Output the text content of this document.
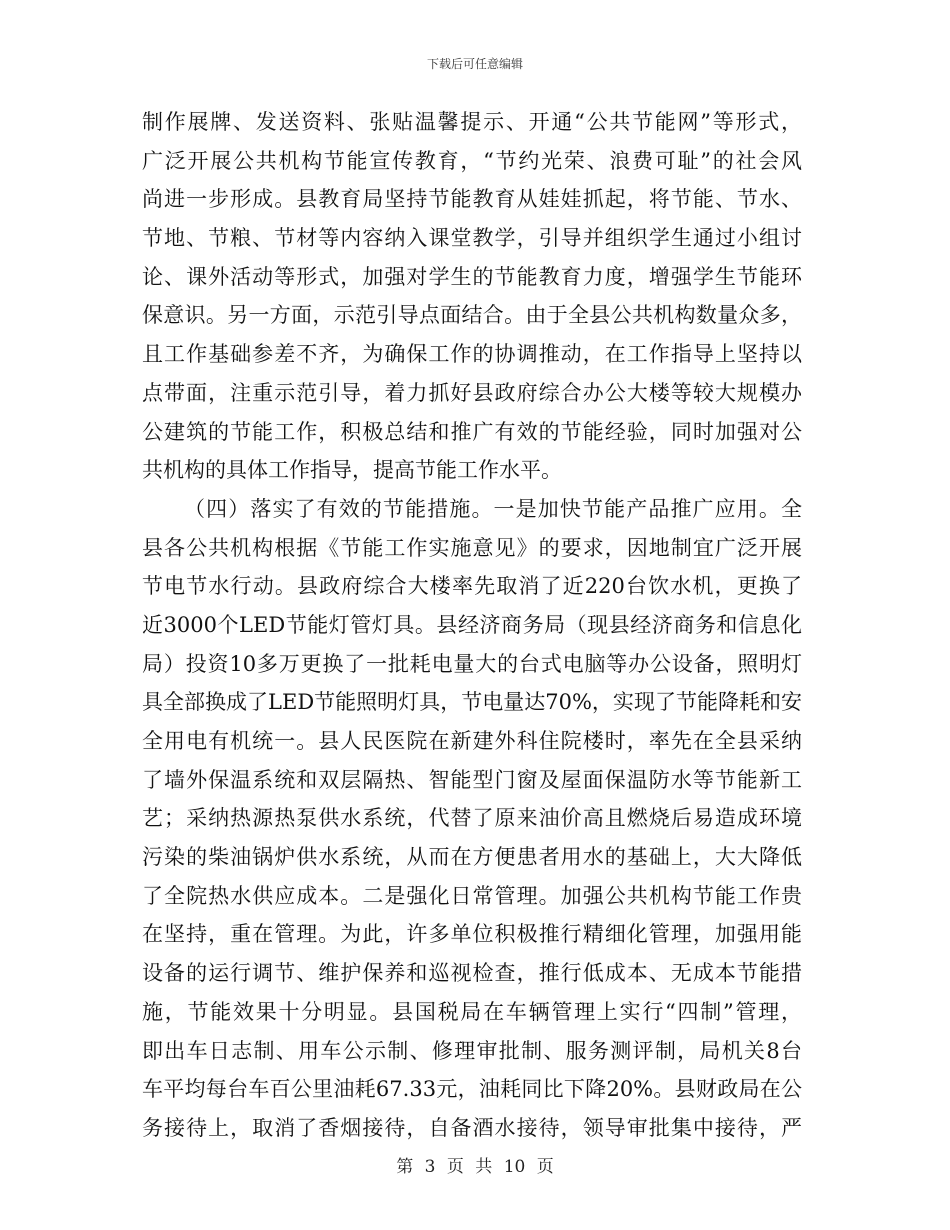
下载后可任意编辑
制作展牌、发送资料、张贴温馨提示、开通“公共节能网”等形式，
广泛开展公共机构节能宣传教育，“节约光荣、浪费可耻”的社会风
尚进一步形成。县教育局坚持节能教育从娃娃抓起，将节能、节水、
节地、节粮、节材等内容纳入课堂教学，引导并组织学生通过小组讨
论、课外活动等形式，加强对学生的节能教育力度，增强学生节能环
保意识。另一方面，示范引导点面结合。由于全县公共机构数量众多，
且工作基础参差不齐，为确保工作的协调推动，在工作指导上坚持以
点带面，注重示范引导，着力抓好县政府综合办公大楼等较大规模办
公建筑的节能工作，积极总结和推广有效的节能经验，同时加强对公
共机构的具体工作指导，提高节能工作水平。
（四）落实了有效的节能措施。一是加快节能产品推广应用。全
县各公共机构根据《节能工作实施意见》的要求，因地制宜广泛开展
节电节水行动。县政府综合大楼率先取消了近220台饮水机，更换了
近3000个LED节能灯管灯具。县经济商务局（现县经济商务和信息化
局）投资10多万更换了一批耗电量大的台式电脑等办公设备，照明灯
具全部换成了LED节能照明灯具，节电量达70%，实现了节能降耗和安
全用电有机统一。县人民医院在新建外科住院楼时，率先在全县采纳
了墙外保温系统和双层隔热、智能型门窗及屋面保温防水等节能新工
艺；采纳热源热泵供水系统，代替了原来油价高且燃烧后易造成环境
污染的柴油锅炉供水系统，从而在方便患者用水的基础上，大大降低
了全院热水供应成本。二是强化日常管理。加强公共机构节能工作贵
在坚持，重在管理。为此，许多单位积极推行精细化管理，加强用能
设备的运行调节、维护保养和巡视检查，推行低成本、无成本节能措
施，节能效果十分明显。县国税局在车辆管理上实行“四制”管理，
即出车日志制、用车公示制、修理审批制、服务测评制，局机关8台
车平均每台车百公里油耗67.33元，油耗同比下降20%。县财政局在公
务接待上，取消了香烟接待，自备酒水接待，领导审批集中接待，严
第 3 页 共 10 页
